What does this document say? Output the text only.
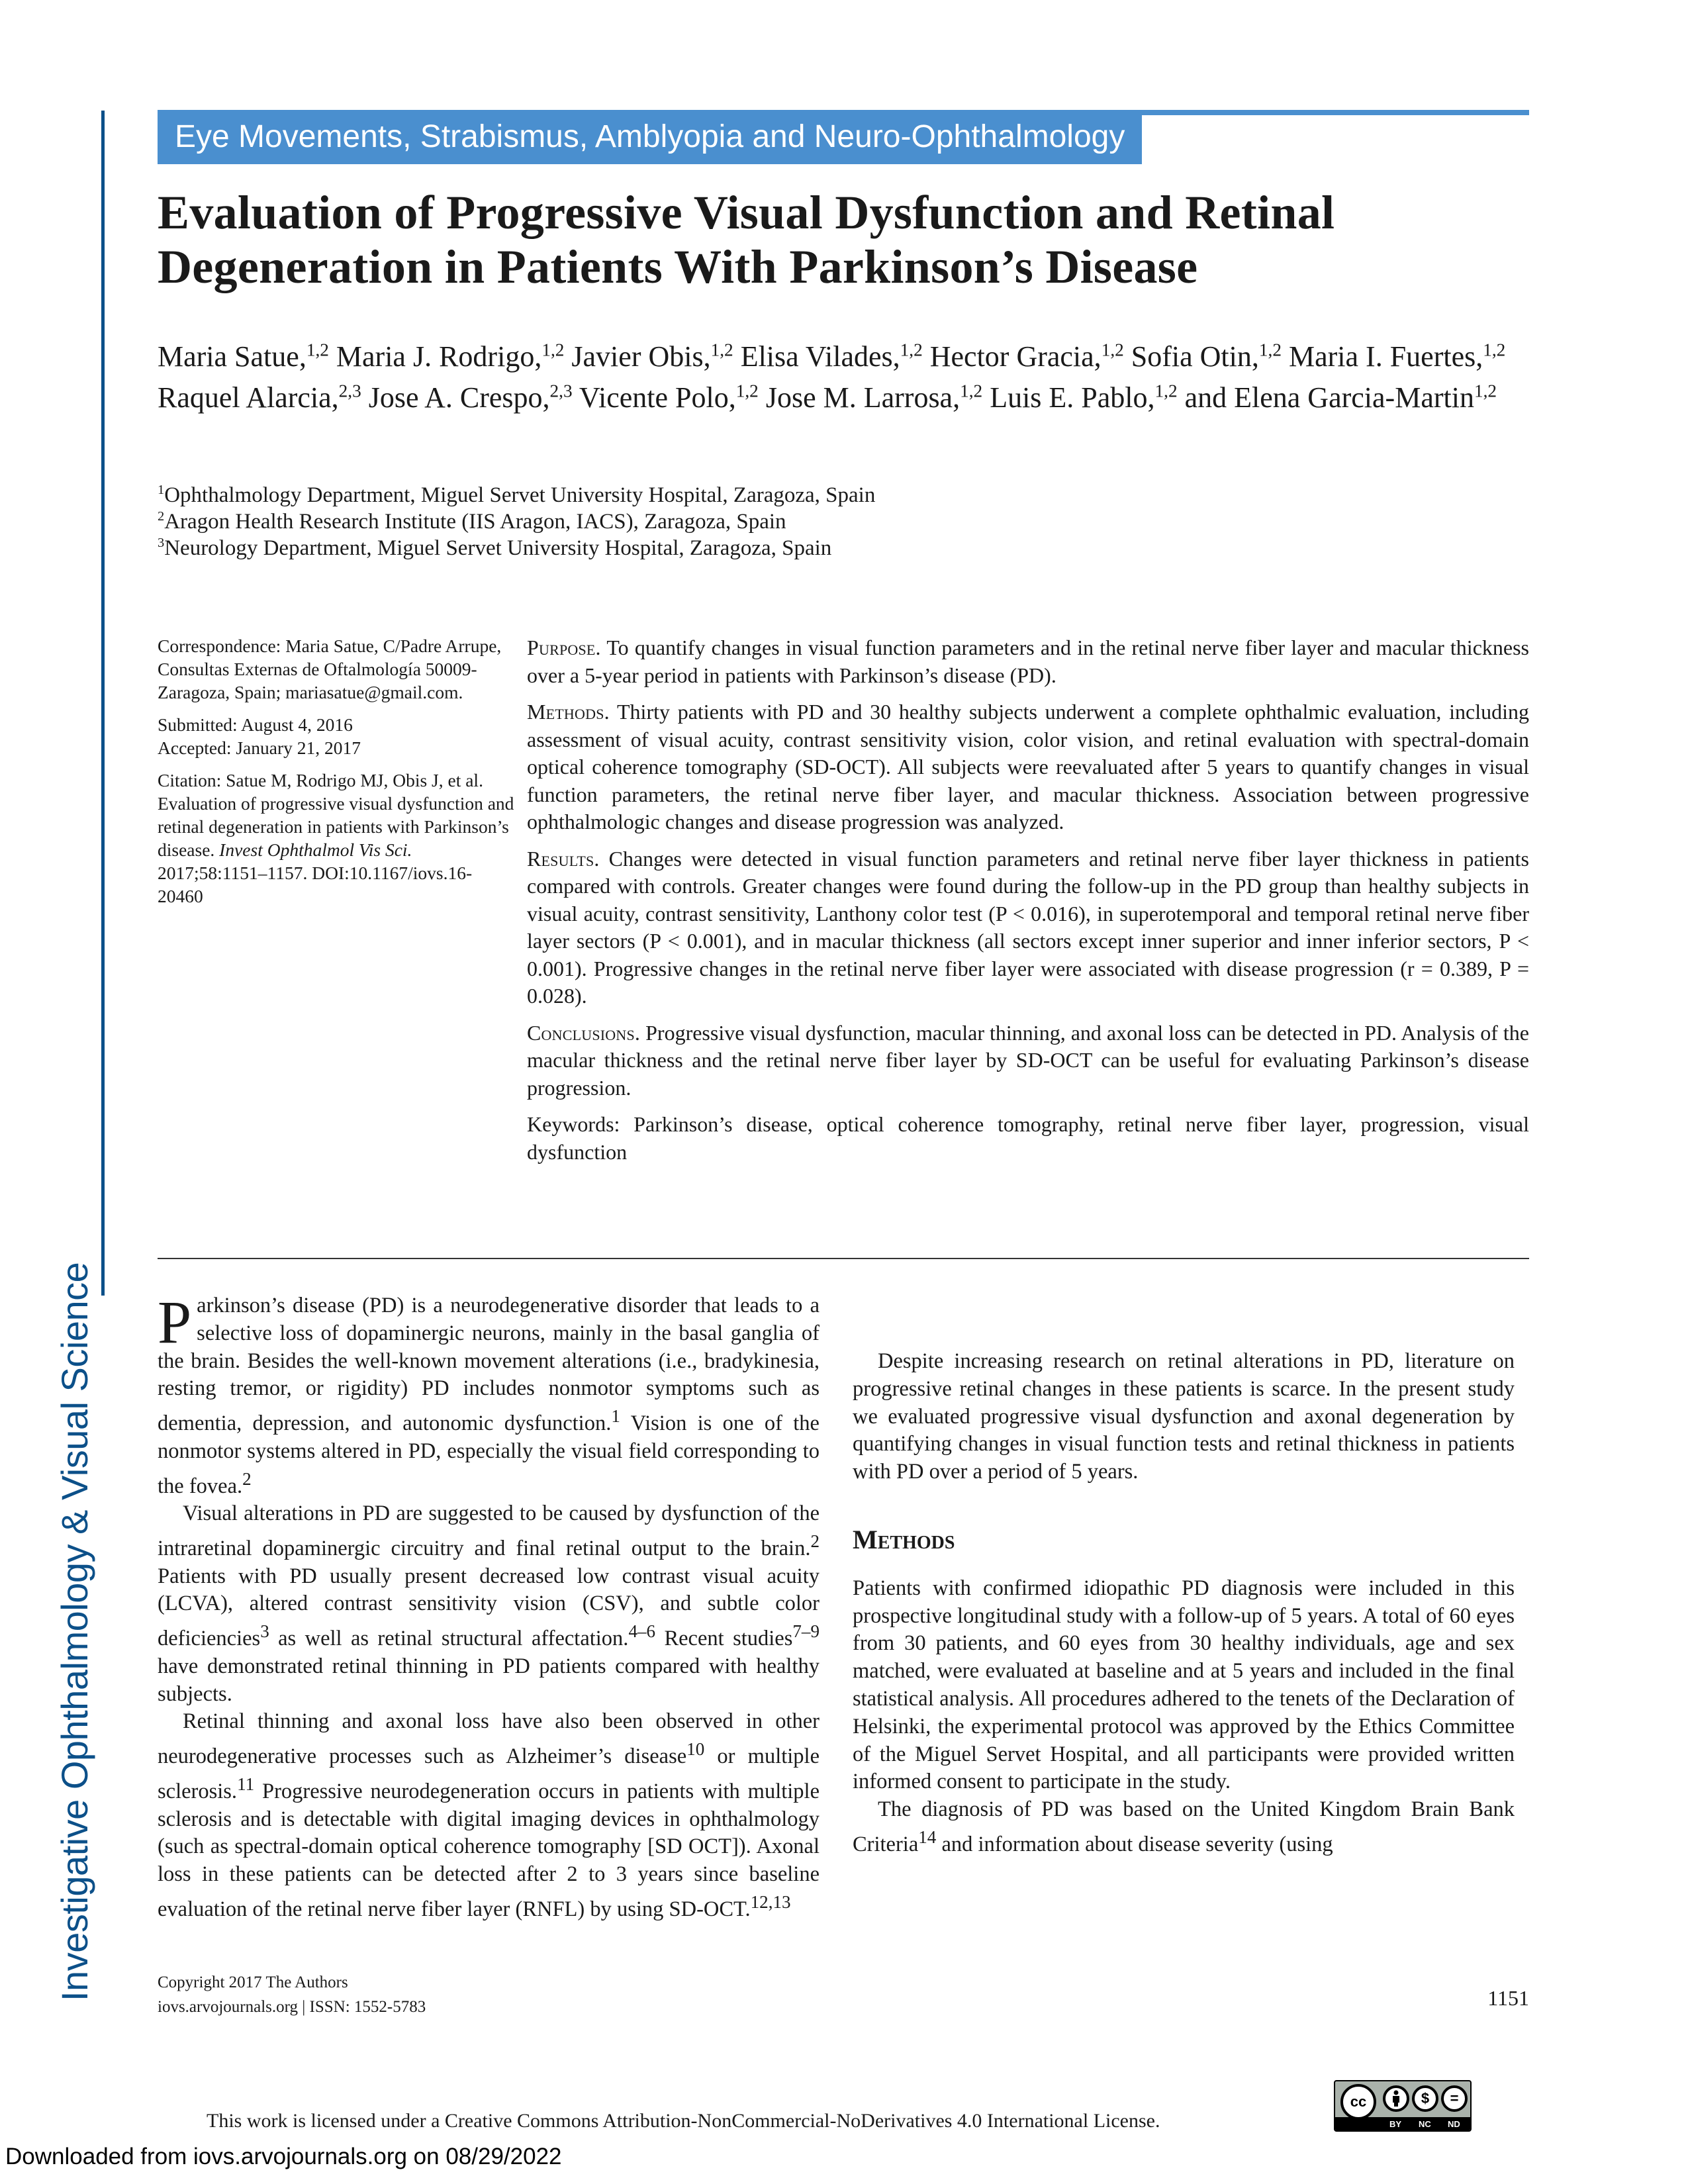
Investigative Ophthalmology & Visual Science
Eye Movements, Strabismus, Amblyopia and Neuro-Ophthalmology
Evaluation of Progressive Visual Dysfunction and Retinal
Degeneration in Patients With Parkinson’s Disease
Maria Satue,$^{1,2}$ Maria J. Rodrigo,$^{1,2}$ Javier Obis,$^{1,2}$ Elisa Vilades,$^{1,2}$ Hector Gracia,$^{1,2}$ Sofia Otin,$^{1,2}$ Maria I. Fuertes,$^{1,2}$ Raquel Alarcia,$^{2,3}$ Jose A. Crespo,$^{2,3}$ Vicente Polo,$^{1,2}$ Jose M. Larrosa,$^{1,2}$ Luis E. Pablo,$^{1,2}$ and Elena Garcia-Martin$^{1,2}$
$^1$Ophthalmology Department, Miguel Servet University Hospital, Zaragoza, Spain
$^2$Aragon Health Research Institute (IIS Aragon, IACS), Zaragoza, Spain
$^3$Neurology Department, Miguel Servet University Hospital, Zaragoza, Spain

Correspondence: Maria Satue, C/Padre Arrupe, Consultas Externas de Oftalmología 50009-Zaragoza, Spain; mariasatue@gmail.com.

Submitted: August 4, 2016
Accepted: January 21, 2017

Citation: Satue M, Rodrigo MJ, Obis J, et al. Evaluation of progressive visual dysfunction and retinal degeneration in patients with Parkinson’s disease. Invest Ophthalmol Vis Sci. 2017;58:1151–1157. DOI:10.1167/iovs.16-20460

Purpose. To quantify changes in visual function parameters and in the retinal nerve fiber layer and macular thickness over a 5-year period in patients with Parkinson’s disease (PD).

Methods. Thirty patients with PD and 30 healthy subjects underwent a complete ophthalmic evaluation, including assessment of visual acuity, contrast sensitivity vision, color vision, and retinal evaluation with spectral-domain optical coherence tomography (SD-OCT). All subjects were reevaluated after 5 years to quantify changes in visual function parameters, the retinal nerve fiber layer, and macular thickness. Association between progressive ophthalmologic changes and disease progression was analyzed.

Results. Changes were detected in visual function parameters and retinal nerve fiber layer thickness in patients compared with controls. Greater changes were found during the follow-up in the PD group than healthy subjects in visual acuity, contrast sensitivity, Lanthony color test (P < 0.016), in superotemporal and temporal retinal nerve fiber layer sectors (P < 0.001), and in macular thickness (all sectors except inner superior and inner inferior sectors, P < 0.001). Progressive changes in the retinal nerve fiber layer were associated with disease progression (r = 0.389, P = 0.028).

Conclusions. Progressive visual dysfunction, macular thinning, and axonal loss can be detected in PD. Analysis of the macular thickness and the retinal nerve fiber layer by SD-OCT can be useful for evaluating Parkinson’s disease progression.

Keywords: Parkinson’s disease, optical coherence tomography, retinal nerve fiber layer, progression, visual dysfunction

Parkinson’s disease (PD) is a neurodegenerative disorder that leads to a selective loss of dopaminergic neurons, mainly in the basal ganglia of the brain. Besides the well-known movement alterations (i.e., bradykinesia, resting tremor, or rigidity) PD includes nonmotor symptoms such as dementia, depression, and autonomic dysfunction.$^1$ Vision is one of the nonmotor systems altered in PD, especially the visual field corresponding to the fovea.$^2$

Visual alterations in PD are suggested to be caused by dysfunction of the intraretinal dopaminergic circuitry and final retinal output to the brain.$^2$ Patients with PD usually present decreased low contrast visual acuity (LCVA), altered contrast sensitivity vision (CSV), and subtle color deficiencies$^3$ as well as retinal structural affectation.$^{4-6}$ Recent studies$^{7-9}$ have demonstrated retinal thinning in PD patients compared with healthy subjects.

Retinal thinning and axonal loss have also been observed in other neurodegenerative processes such as Alzheimer’s disease$^{10}$ or multiple sclerosis.$^{11}$ Progressive neurodegeneration occurs in patients with multiple sclerosis and is detectable with digital imaging devices in ophthalmology (such as spectral-domain optical coherence tomography [SD OCT]). Axonal loss in these patients can be detected after 2 to 3 years since baseline evaluation of the retinal nerve fiber layer (RNFL) by using SD-OCT.$^{12,13}$

Despite increasing research on retinal alterations in PD, literature on progressive retinal changes in these patients is scarce. In the present study we evaluated progressive visual dysfunction and axonal degeneration by quantifying changes in visual function tests and retinal thickness in patients with PD over a period of 5 years.

Methods

Patients with confirmed idiopathic PD diagnosis were included in this prospective longitudinal study with a follow-up of 5 years. A total of 60 eyes from 30 patients, and 60 eyes from 30 healthy individuals, age and sex matched, were evaluated at baseline and at 5 years and included in the final statistical analysis. All procedures adhered to the tenets of the Declaration of Helsinki, the experimental protocol was approved by the Ethics Committee of the Miguel Servet Hospital, and all participants were provided written informed consent to participate in the study.

The diagnosis of PD was based on the United Kingdom Brain Bank Criteria$^{14}$ and information about disease severity (using

Copyright 2017 The Authors
iovs.arvojournals.org | ISSN: 1552-5783	1151
This work is licensed under a Creative Commons Attribution-NonCommercial-NoDerivatives 4.0 International License.
cc	$	=
BY NC ND
Downloaded from iovs.arvojournals.org on 08/29/2022
